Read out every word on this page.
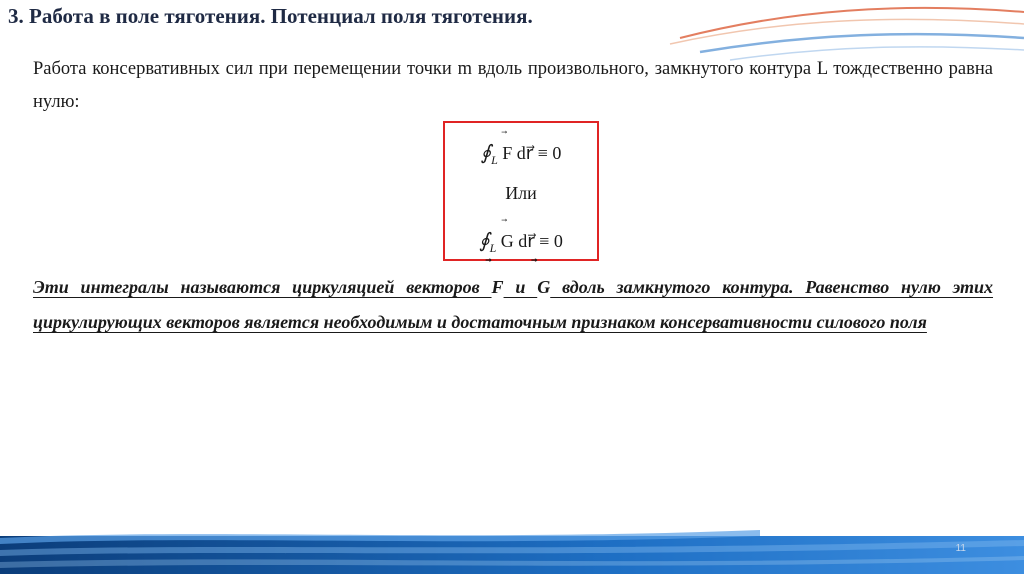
3. Работа в поле тяготения. Потенциал поля тяготения.
Работа консервативных сил при перемещении точки m вдоль произвольного, замкнутого контура L тождественно равна нулю:
$∮_L$ F dr⃗ ≡ 0
Или
$∮_L$ G dr⃗ ≡ 0
Эти интегралы называются циркуляцией векторов
F и
G вдоль замкнутого контура. Равенство нулю этих циркулирующих векторов является необходимым и достаточным признаком консервативности силового поля
11
